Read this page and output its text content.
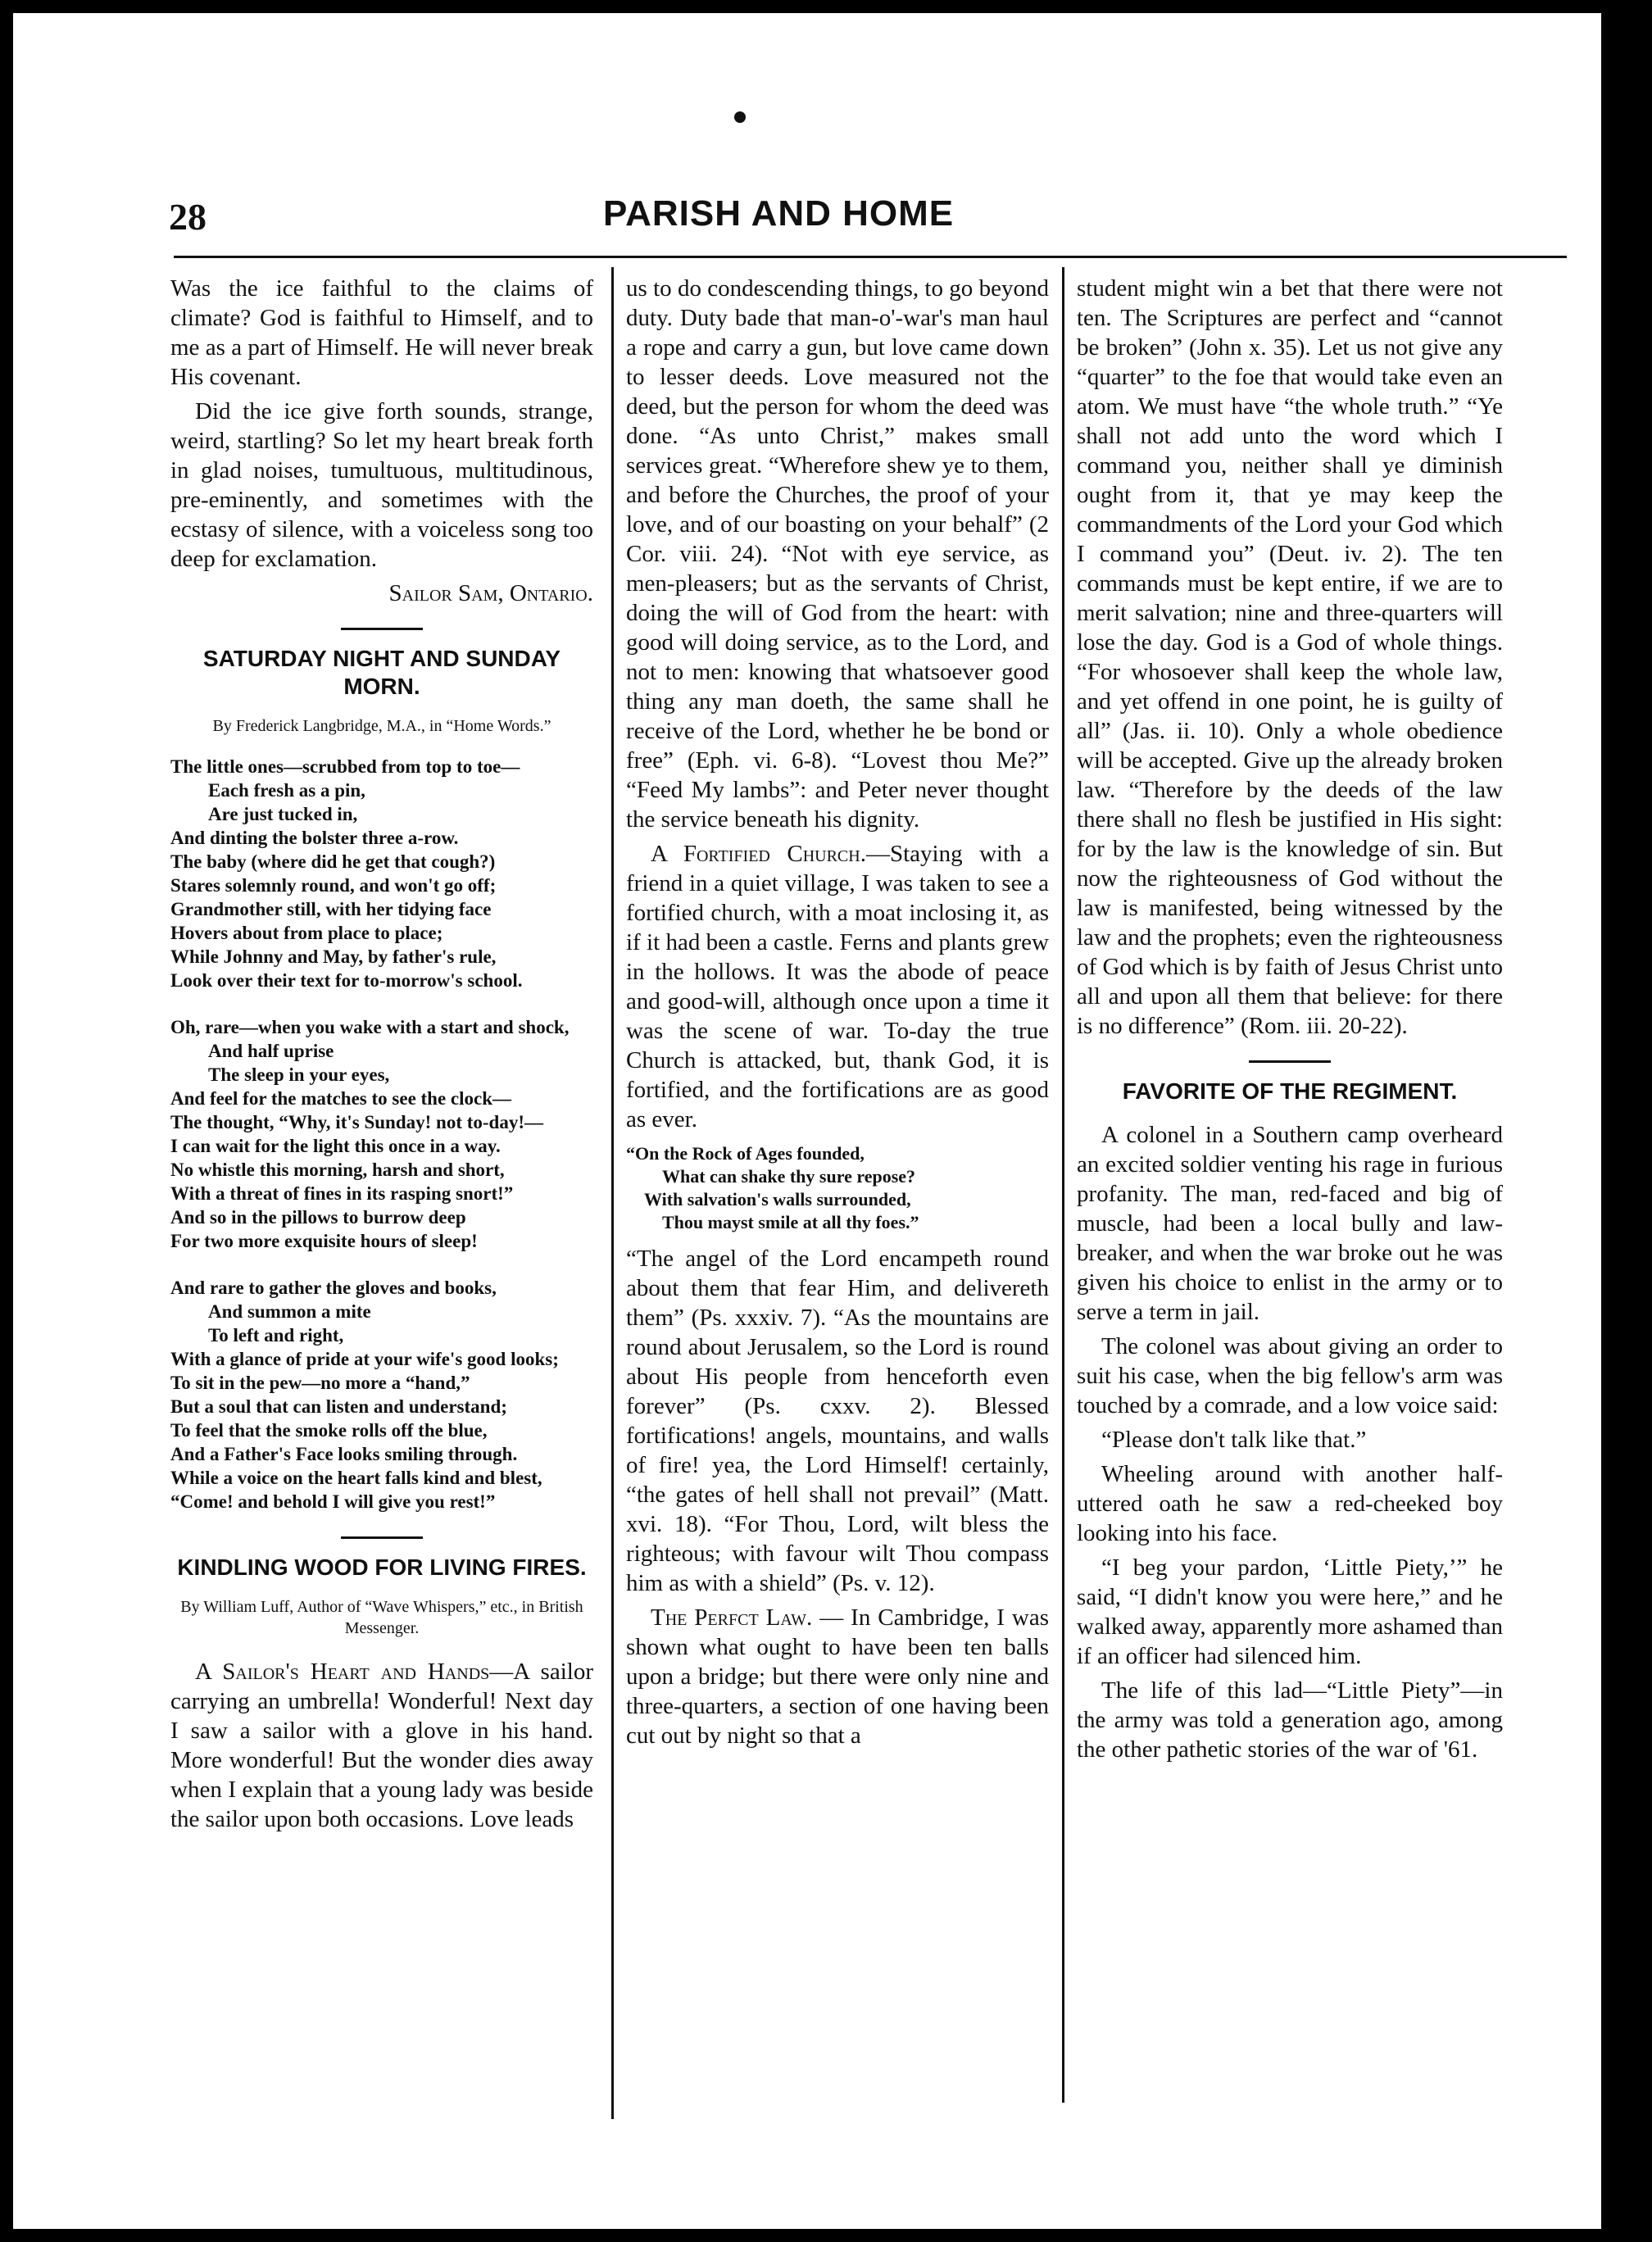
28	PARISH AND HOME

Was the ice faithful to the claims of climate? God is faithful to Himself, and to me as a part of Himself. He will never break His covenant.

Did the ice give forth sounds, strange, weird, startling? So let my heart break forth in glad noises, tumultuous, multitudinous, pre-eminently, and sometimes with the ecstasy of silence, with a voiceless song too deep for exclamation.

Sailor Sam, Ontario.
SATURDAY NIGHT AND SUNDAY MORN.
By Frederick Langbridge, M.A., in “Home Words.”
The little ones—scrubbed from top to toe—
Each fresh as a pin,
Are just tucked in,
And dinting the bolster three a-row.
The baby (where did he get that cough?)
Stares solemnly round, and won't go off;
Grandmother still, with her tidying face
Hovers about from place to place;
While Johnny and May, by father's rule,
Look over their text for to-morrow's school.
Oh, rare—when you wake with a start and shock,
And half uprise
The sleep in your eyes,
And feel for the matches to see the clock—
The thought, “Why, it's Sunday! not to-day!—
I can wait for the light this once in a way.
No whistle this morning, harsh and short,
With a threat of fines in its rasping snort!”
And so in the pillows to burrow deep
For two more exquisite hours of sleep!
And rare to gather the gloves and books,
And summon a mite
To left and right,
With a glance of pride at your wife's good looks;
To sit in the pew—no more a “hand,”
But a soul that can listen and understand;
To feel that the smoke rolls off the blue,
And a Father's Face looks smiling through.
While a voice on the heart falls kind and blest,
“Come! and behold I will give you rest!”
KINDLING WOOD FOR LIVING FIRES.
By William Luff, Author of “Wave Whispers,” etc., in British Messenger.

A Sailor's Heart and Hands—A sailor carrying an umbrella! Wonderful! Next day I saw a sailor with a glove in his hand. More wonderful! But the wonder dies away when I explain that a young lady was beside the sailor upon both occasions. Love leads

us to do condescending things, to go beyond duty. Duty bade that man-o'-war's man haul a rope and carry a gun, but love came down to lesser deeds. Love measured not the deed, but the person for whom the deed was done. “As unto Christ,” makes small services great. “Wherefore shew ye to them, and before the Churches, the proof of your love, and of our boasting on your behalf” (2 Cor. viii. 24). “Not with eye service, as men-pleasers; but as the servants of Christ, doing the will of God from the heart: with good will doing service, as to the Lord, and not to men: knowing that whatsoever good thing any man doeth, the same shall he receive of the Lord, whether he be bond or free” (Eph. vi. 6-8). “Lovest thou Me?” “Feed My lambs”: and Peter never thought the service beneath his dignity.

A Fortified Church.—Staying with a friend in a quiet village, I was taken to see a fortified church, with a moat inclosing it, as if it had been a castle. Ferns and plants grew in the hollows. It was the abode of peace and good-will, although once upon a time it was the scene of war. To-day the true Church is attacked, but, thank God, it is fortified, and the fortifications are as good as ever.

“On the Rock of Ages founded,
What can shake thy sure repose?
With salvation's walls surrounded,
Thou mayst smile at all thy foes.”

“The angel of the Lord encampeth round about them that fear Him, and delivereth them” (Ps. xxxiv. 7). “As the mountains are round about Jerusalem, so the Lord is round about His people from henceforth even forever” (Ps. cxxv. 2). Blessed fortifications! angels, mountains, and walls of fire! yea, the Lord Himself! certainly, “the gates of hell shall not prevail” (Matt. xvi. 18). “For Thou, Lord, wilt bless the righteous; with favour wilt Thou compass him as with a shield” (Ps. v. 12).

The Perfct Law. — In Cambridge, I was shown what ought to have been ten balls upon a bridge; but there were only nine and three-quarters, a section of one having been cut out by night so that a

student might win a bet that there were not ten. The Scriptures are perfect and “cannot be broken” (John x. 35). Let us not give any “quarter” to the foe that would take even an atom. We must have “the whole truth.” “Ye shall not add unto the word which I command you, neither shall ye diminish ought from it, that ye may keep the commandments of the Lord your God which I command you” (Deut. iv. 2). The ten commands must be kept entire, if we are to merit salvation; nine and three-quarters will lose the day. God is a God of whole things. “For whosoever shall keep the whole law, and yet offend in one point, he is guilty of all” (Jas. ii. 10). Only a whole obedience will be accepted. Give up the already broken law. “Therefore by the deeds of the law there shall no flesh be justified in His sight: for by the law is the knowledge of sin. But now the righteousness of God without the law is manifested, being witnessed by the law and the prophets; even the righteousness of God which is by faith of Jesus Christ unto all and upon all them that believe: for there is no difference” (Rom. iii. 20-22).

FAVORITE OF THE REGIMENT.

A colonel in a Southern camp overheard an excited soldier venting his rage in furious profanity. The man, red-faced and big of muscle, had been a local bully and law-breaker, and when the war broke out he was given his choice to enlist in the army or to serve a term in jail.

The colonel was about giving an order to suit his case, when the big fellow's arm was touched by a comrade, and a low voice said:

“Please don't talk like that.”

Wheeling around with another half-uttered oath he saw a red-cheeked boy looking into his face.

“I beg your pardon, ‘Little Piety,’” he said, “I didn't know you were here,” and he walked away, apparently more ashamed than if an officer had silenced him.

The life of this lad—“Little Piety”—in the army was told a generation ago, among the other pathetic stories of the war of '61.
